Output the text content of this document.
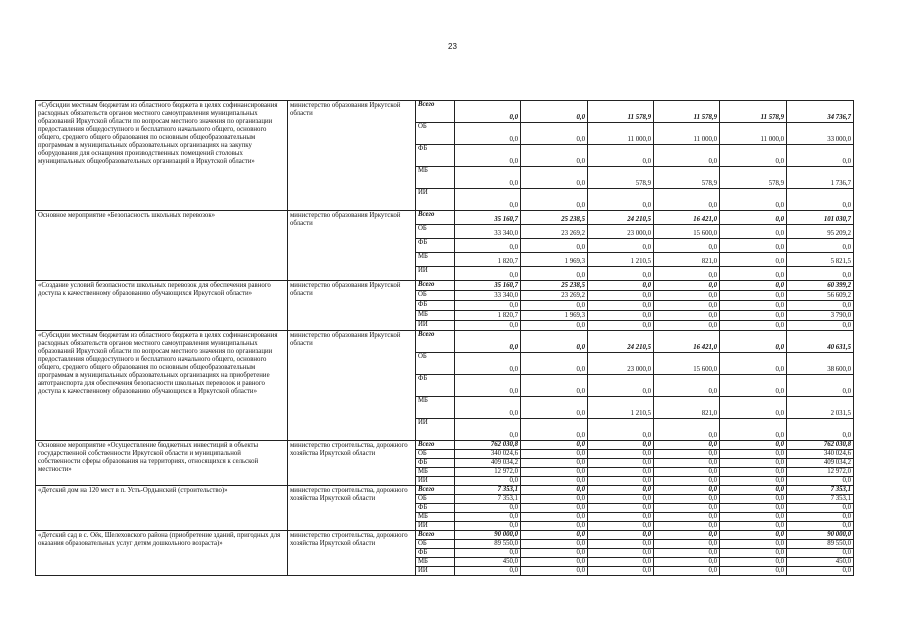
23
«Субсидии местным бюджетам из областного бюджета в целях софинансирования расходных обязательств органов местного самоуправления муниципальных образований Иркутской области по вопросам местного значения по организации предоставления общедоступного и бесплатного начального общего, основного общего, среднего общего образования по основным общеобразовательным программам в муниципальных образовательных организациях на закупку оборудования для оснащения производственных помещений столовых муниципальных общеобразовательных организаций в Иркутской области»	министерство образования Иркутской области	Всего	0,0	0,0	11 578,9	11 578,9	11 578,9	34 736,7
		ОБ	0,0	0,0	11 000,0	11 000,0	11 000,0	33 000,0
		ФБ	0,0	0,0	0,0	0,0	0,0	0,0
		МБ	0,0	0,0	578,9	578,9	578,9	1 736,7
		ИИ	0,0	0,0	0,0	0,0	0,0	0,0
Основное мероприятие «Безопасность школьных перевозок»	министерство образования Иркутской области	Всего	35 160,7	25 238,5	24 210,5	16 421,0	0,0	101 030,7
		ОБ	33 340,0	23 269,2	23 000,0	15 600,0	0,0	95 209,2
		ФБ	0,0	0,0	0,0	0,0	0,0	0,0
		МБ	1 820,7	1 969,3	1 210,5	821,0	0,0	5 821,5
		ИИ	0,0	0,0	0,0	0,0	0,0	0,0
«Создание условий безопасности школьных перевозок для обеспечения равного доступа к качественному образованию обучающихся Иркутской области»	министерство образования Иркутской области	Всего	35 160,7	25 238,5	0,0	0,0	0,0	60 399,2
		ОБ	33 340,0	23 269,2	0,0	0,0	0,0	56 609,2
		ФБ	0,0	0,0	0,0	0,0	0,0	0,0
		МБ	1 820,7	1 969,3	0,0	0,0	0,0	3 790,0
		ИИ	0,0	0,0	0,0	0,0	0,0	0,0
«Субсидии местным бюджетам из областного бюджета в целях софинансирования расходных обязательств органов местного самоуправления муниципальных образований Иркутской области по вопросам местного значения по организации предоставления общедоступного и бесплатного начального общего, основного общего, среднего общего образования по основным общеобразовательным программам в муниципальных образовательных организациях на приобретение автотранспорта для обеспечения безопасности школьных перевозок и равного доступа к качественному образованию обучающихся в Иркутской области»	министерство образования Иркутской области	Всего	0,0	0,0	24 210,5	16 421,0	0,0	40 631,5
		ОБ	0,0	0,0	23 000,0	15 600,0	0,0	38 600,0
		ФБ	0,0	0,0	0,0	0,0	0,0	0,0
		МБ	0,0	0,0	1 210,5	821,0	0,0	2 031,5
		ИИ	0,0	0,0	0,0	0,0	0,0	0,0
Основное мероприятие «Осуществление бюджетных инвестиций в объекты государственной собственности Иркутской области и муниципальной собственности сферы образования на территориях, относящихся к сельской местности»	министерство строительства, дорожного хозяйства Иркутской области	Всего	762 030,8	0,0	0,0	0,0	0,0	762 030,8
		ОБ	340 024,6	0,0	0,0	0,0	0,0	340 024,6
		ФБ	409 034,2	0,0	0,0	0,0	0,0	409 034,2
		МБ	12 972,0	0,0	0,0	0,0	0,0	12 972,0
		ИИ	0,0	0,0	0,0	0,0	0,0	0,0
«Детский дом на 120 мест в п. Усть-Ордынский (строительство)»	министерство строительства, дорожного хозяйства Иркутской области	Всего	7 353,1	0,0	0,0	0,0	0,0	7 353,1
		ОБ	7 353,1	0,0	0,0	0,0	0,0	7 353,1
		ФБ	0,0	0,0	0,0	0,0	0,0	0,0
		МБ	0,0	0,0	0,0	0,0	0,0	0,0
		ИИ	0,0	0,0	0,0	0,0	0,0	0,0
«Детский сад в с. Оёк, Шелеховского района (приобретение зданий, пригодных для оказания образовательных услуг детям дошкольного возраста)»	министерство строительства, дорожного хозяйства Иркутской области	Всего	90 000,0	0,0	0,0	0,0	0,0	90 000,0
		ОБ	89 550,0	0,0	0,0	0,0	0,0	89 550,0
		ФБ	0,0	0,0	0,0	0,0	0,0	0,0
		МБ	450,0	0,0	0,0	0,0	0,0	450,0
		ИИ	0,0	0,0	0,0	0,0	0,0	0,0
